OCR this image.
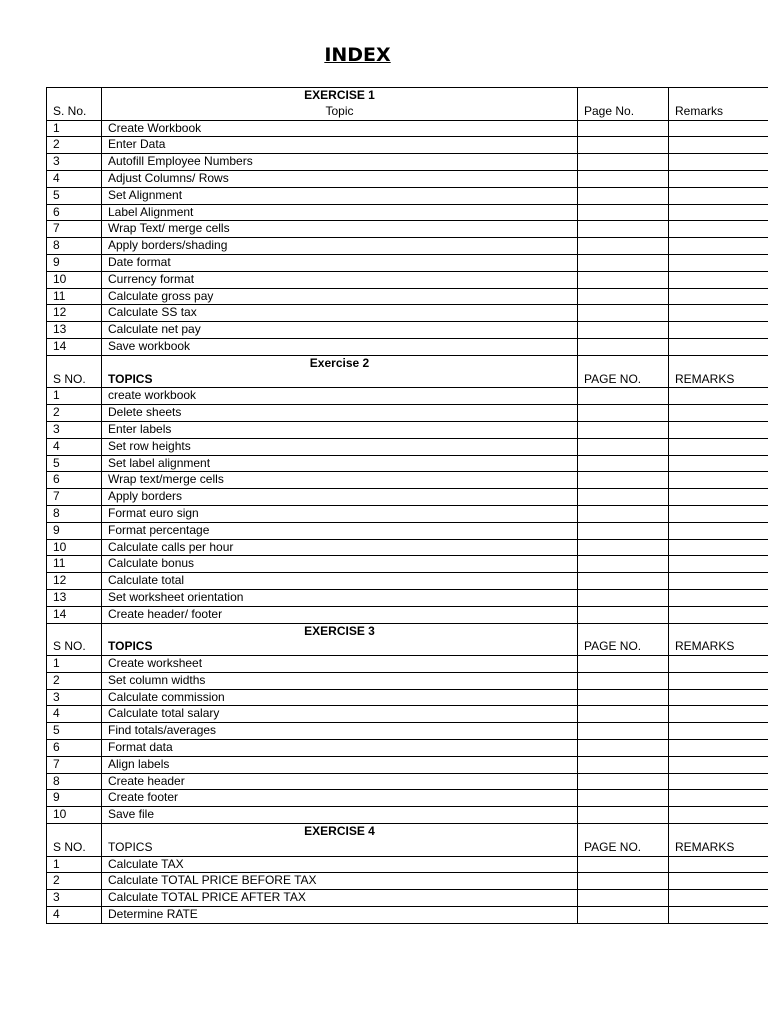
INDEX
	EXERCISE 1		
S. No.	Topic	Page No.	Remarks
1	Create Workbook		
2	Enter Data		
3	Autofill Employee Numbers		
4	Adjust Columns/ Rows		
5	Set Alignment		
6	Label Alignment		
7	Wrap Text/ merge cells		
8	Apply borders/shading		
9	Date format		
10	Currency format		
11	Calculate gross pay		
12	Calculate SS tax		
13	Calculate net pay		
14	Save workbook		
	Exercise 2		
S NO.	TOPICS	PAGE NO.	REMARKS
1	create workbook		
2	Delete sheets		
3	Enter labels		
4	Set row heights		
5	Set label alignment		
6	Wrap text/merge cells		
7	Apply borders		
8	Format euro sign		
9	Format percentage		
10	Calculate calls per hour		
11	Calculate bonus		
12	Calculate total		
13	Set worksheet orientation		
14	Create header/ footer		
	EXERCISE 3		
S NO.	TOPICS	PAGE NO.	REMARKS
1	Create worksheet		
2	Set column widths		
3	Calculate commission		
4	Calculate total salary		
5	Find totals/averages		
6	Format data		
7	Align labels		
8	Create header		
9	Create footer		
10	Save file		
	EXERCISE 4		
S NO.	TOPICS	PAGE NO.	REMARKS
1	Calculate TAX		
2	Calculate TOTAL PRICE BEFORE TAX		
3	Calculate TOTAL PRICE AFTER TAX		
4	Determine RATE		
